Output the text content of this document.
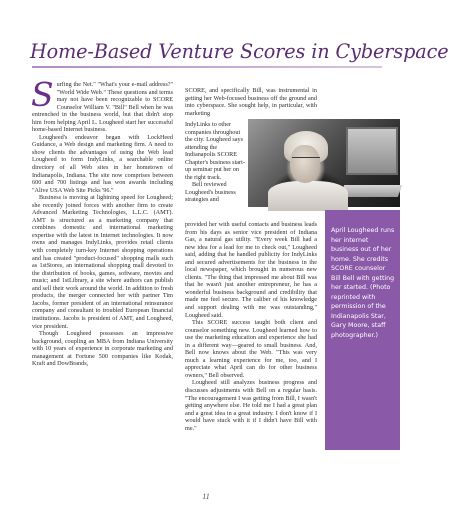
Home-Based Venture Scores in Cyberspace

Surfing the Net." "What's your e-mail address?" "World Wide Web." These questions and terms may not have been recognizable to SCORE Counselor William V. "Bill" Bell when he was entrenched in the business world, but that didn't stop him from helping April L. Lougheed start her successful home-based Internet business.

Lougheed's endeavor began with LockHeed Guidance, a Web design and marketing firm. A need to show clients the advantages of using the Web lead Lougheed to form IndyLinks, a searchable online directory of all Web sites in her hometown of Indianapolis, Indiana. The site now comprises between 600 and 700 listings and has won awards including "Alive USA Web Site Picks '96."

Business is moving at lightning speed for Lougheed; she recently joined forces with another firm to create Advanced Marketing Technologies, L.L.C. (AMT). AMT is structured as a marketing company that combines domestic and international marketing expertise with the latest in Internet technologies. It now owns and manages IndyLinks, provides retail clients with completely turn-key Internet shopping operations and has created "product-focused" shopping malls such as 1stStores, an international shopping mall devoted to the distribution of books, games, software, movies and music; and 1stLibrary, a site where authors can publish and sell their work around the world. In addition to fresh products, the merger connected her with partner Tim Jacobs, former president of an international reinsurance company and consultant to troubled European financial institutions. Jacobs is president of AMT, and Lougheed, vice president.

Though Lougheed possesses an impressive background, coupling an MBA from Indiana University with 10 years of experience in corporate marketing and management at Fortune 500 companies like Kodak, Kraft and DowBrands,

SCORE, and specifically Bill, was instrumental in getting her Web-focused business off the ground and into cyberspace. She sought help, in particular, with marketing

IndyLinks to other companies throughout the city. Lougheed says attending the Indianapolis SCORE Chapter's business start-up seminar put her on the right track.

Bell reviewed Lougheed's business strategies and

provided her with useful contacts and business leads from his days as senior vice president of Indiana Gas, a natural gas utility. "Every week Bill had a new idea for a lead for me to check out," Lougheed said, adding that he handled publicity for IndyLinks and secured advertisements for the business in the local newspaper, which brought in numerous new clients. "The thing that impressed me about Bill was that he wasn't just another entrepreneur, he has a wonderful business background and credibility that made me feel secure. The caliber of his knowledge and support dealing with me was outstanding," Lougheed said.

This SCORE success taught both client and counselor something new. Lougheed learned how to use the marketing education and experience she had in a different way—geared to small business. And, Bell now knows about the Web. "This was very much a learning experience for me, too, and I appreciate what April can do for other business owners," Bell observed.

Lougheed still analyzes business progress and discusses adjustments with Bell on a regular basis. "The encouragement I was getting from Bill, I wasn't getting anywhere else. He told me I had a great plan and a great idea in a great industry. I don't know if I would have stuck with it if I didn't have Bill with me."

April Lougheed runs her internet business out of her home. She credits SCORE counselor Bill Bell with getting her started. (Photo reprinted with permission of the Indianapolis Star, Gary Moore, staff photographer.)
11
